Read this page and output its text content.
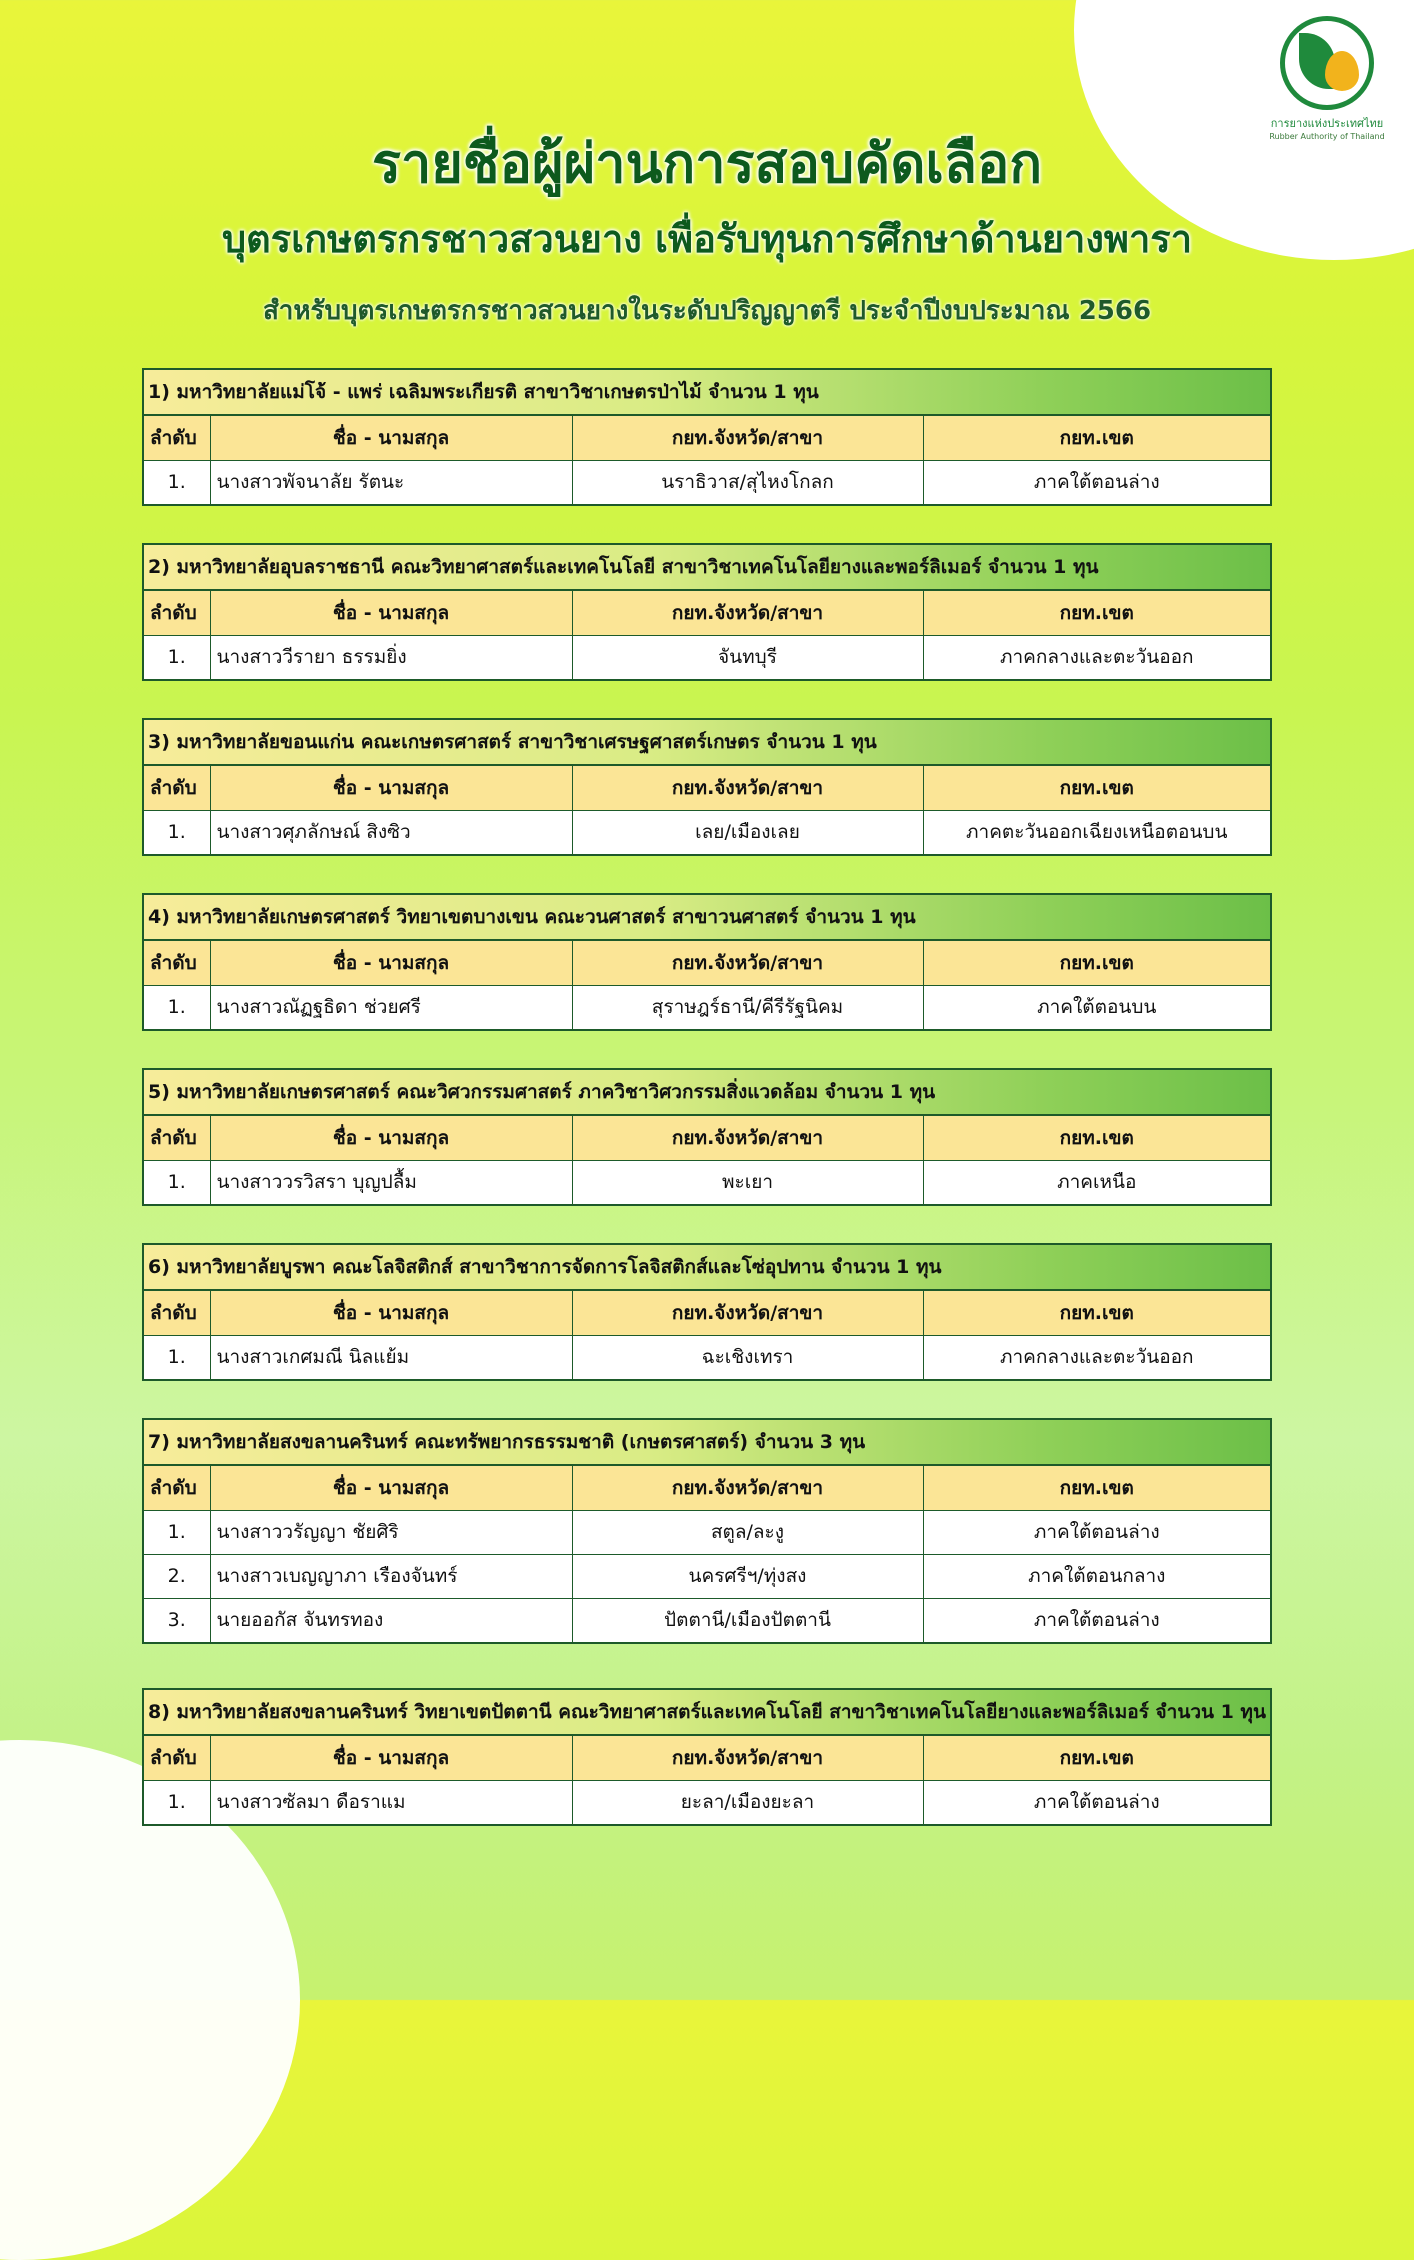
การยางแห่งประเทศไทย
Rubber Authority of Thailand
รายชื่อผู้ผ่านการสอบคัดเลือก
บุตรเกษตรกรชาวสวนยาง เพื่อรับทุนการศึกษาด้านยางพารา
สำหรับบุตรเกษตรกรชาวสวนยางในระดับปริญญาตรี ประจำปีงบประมาณ 2566
1) มหาวิทยาลัยแม่โจ้ - แพร่ เฉลิมพระเกียรติ สาขาวิชาเกษตรป่าไม้ จำนวน 1 ทุน
ลำดับ	ชื่อ - นามสกุล	กยท.จังหวัด/สาขา	กยท.เขต
1.	นางสาวพัจนาลัย รัตนะ	นราธิวาส/สุไหงโกลก	ภาคใต้ตอนล่าง
2) มหาวิทยาลัยอุบลราชธานี คณะวิทยาศาสตร์และเทคโนโลยี สาขาวิชาเทคโนโลยียางและพอร์ลิเมอร์ จำนวน 1 ทุน
ลำดับ	ชื่อ - นามสกุล	กยท.จังหวัด/สาขา	กยท.เขต
1.	นางสาววีรายา ธรรมยิ่ง	จันทบุรี	ภาคกลางและตะวันออก
3) มหาวิทยาลัยขอนแก่น คณะเกษตรศาสตร์ สาขาวิชาเศรษฐศาสตร์เกษตร จำนวน 1 ทุน
ลำดับ	ชื่อ - นามสกุล	กยท.จังหวัด/สาขา	กยท.เขต
1.	นางสาวศุภลักษณ์ สิงซิว	เลย/เมืองเลย	ภาคตะวันออกเฉียงเหนือตอนบน
4) มหาวิทยาลัยเกษตรศาสตร์ วิทยาเขตบางเขน คณะวนศาสตร์ สาขาวนศาสตร์ จำนวน 1 ทุน
ลำดับ	ชื่อ - นามสกุล	กยท.จังหวัด/สาขา	กยท.เขต
1.	นางสาวณัฏฐธิดา ช่วยศรี	สุราษฎร์ธานี/คีรีรัฐนิคม	ภาคใต้ตอนบน
5) มหาวิทยาลัยเกษตรศาสตร์ คณะวิศวกรรมศาสตร์ ภาควิชาวิศวกรรมสิ่งแวดล้อม จำนวน 1 ทุน
ลำดับ	ชื่อ - นามสกุล	กยท.จังหวัด/สาขา	กยท.เขต
1.	นางสาววรวิสรา บุญปลื้ม	พะเยา	ภาคเหนือ
6) มหาวิทยาลัยบูรพา คณะโลจิสติกส์ สาขาวิชาการจัดการโลจิสติกส์และโซ่อุปทาน จำนวน 1 ทุน
ลำดับ	ชื่อ - นามสกุล	กยท.จังหวัด/สาขา	กยท.เขต
1.	นางสาวเกศมณี นิลแย้ม	ฉะเชิงเทรา	ภาคกลางและตะวันออก
7) มหาวิทยาลัยสงขลานครินทร์ คณะทรัพยากรธรรมชาติ (เกษตรศาสตร์) จำนวน 3 ทุน
ลำดับ	ชื่อ - นามสกุล	กยท.จังหวัด/สาขา	กยท.เขต
1.	นางสาววรัญญา ชัยศิริ	สตูล/ละงู	ภาคใต้ตอนล่าง
2.	นางสาวเบญญาภา เรืองจันทร์	นครศรีฯ/ทุ่งสง	ภาคใต้ตอนกลาง
3.	นายออกัส จันทรทอง	ปัตตานี/เมืองปัตตานี	ภาคใต้ตอนล่าง
8) มหาวิทยาลัยสงขลานครินทร์ วิทยาเขตปัตตานี คณะวิทยาศาสตร์และเทคโนโลยี สาขาวิชาเทคโนโลยียางและพอร์ลิเมอร์ จำนวน 1 ทุน
ลำดับ	ชื่อ - นามสกุล	กยท.จังหวัด/สาขา	กยท.เขต
1.	นางสาวซัลมา ดือราแม	ยะลา/เมืองยะลา	ภาคใต้ตอนล่าง
